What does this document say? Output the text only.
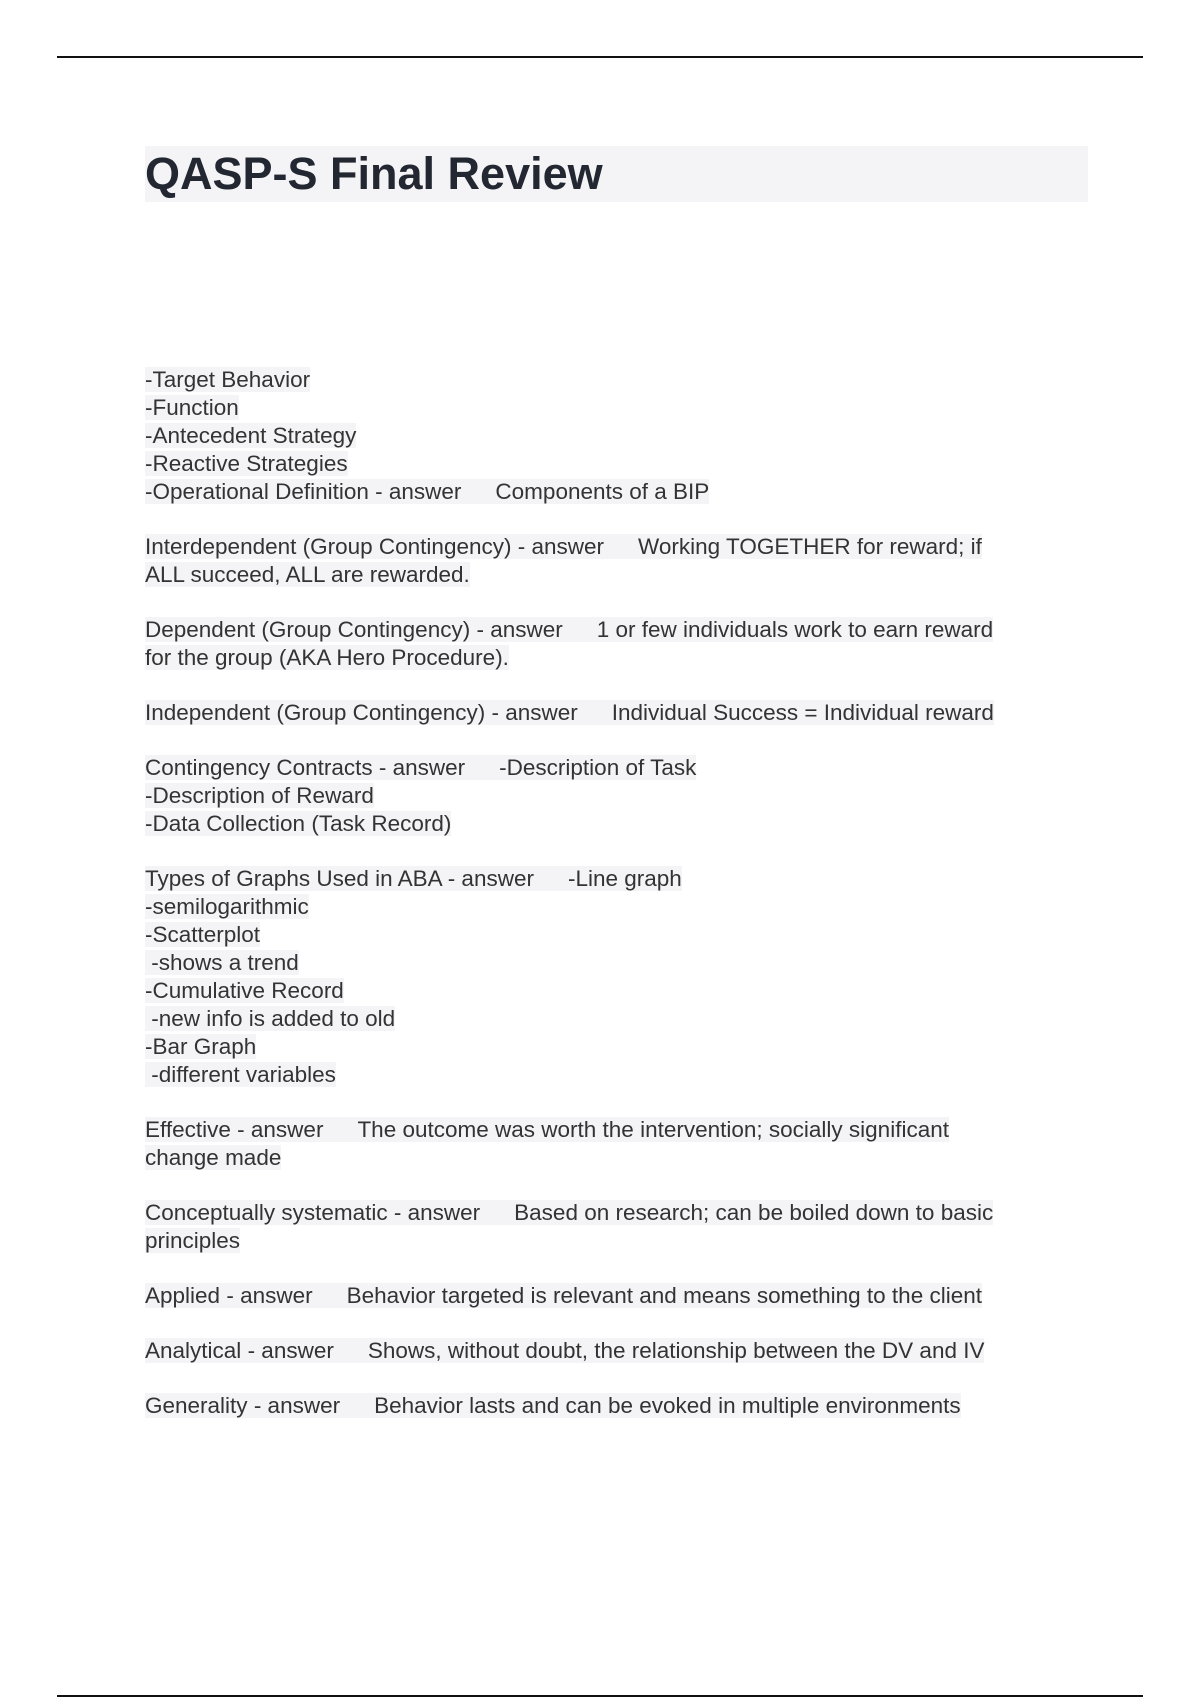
QASP-S Final Review

-Target Behavior

-Function

-Antecedent Strategy

-Reactive Strategies

-Operational Definition - answer Components of a BIP

Interdependent (Group Contingency) - answer Working TOGETHER for reward; if

ALL succeed, ALL are rewarded.

Dependent (Group Contingency) - answer 1 or few individuals work to earn reward

for the group (AKA Hero Procedure).

Independent (Group Contingency) - answer Individual Success = Individual reward

Contingency Contracts - answer -Description of Task

-Description of Reward

-Data Collection (Task Record)

Types of Graphs Used in ABA - answer -Line graph

-semilogarithmic

-Scatterplot

-shows a trend

-Cumulative Record

-new info is added to old

-Bar Graph

-different variables

Effective - answer The outcome was worth the intervention; socially significant

change made

Conceptually systematic - answer Based on research; can be boiled down to basic

principles

Applied - answer Behavior targeted is relevant and means something to the client

Analytical - answer Shows, without doubt, the relationship between the DV and IV

Generality - answer Behavior lasts and can be evoked in multiple environments
